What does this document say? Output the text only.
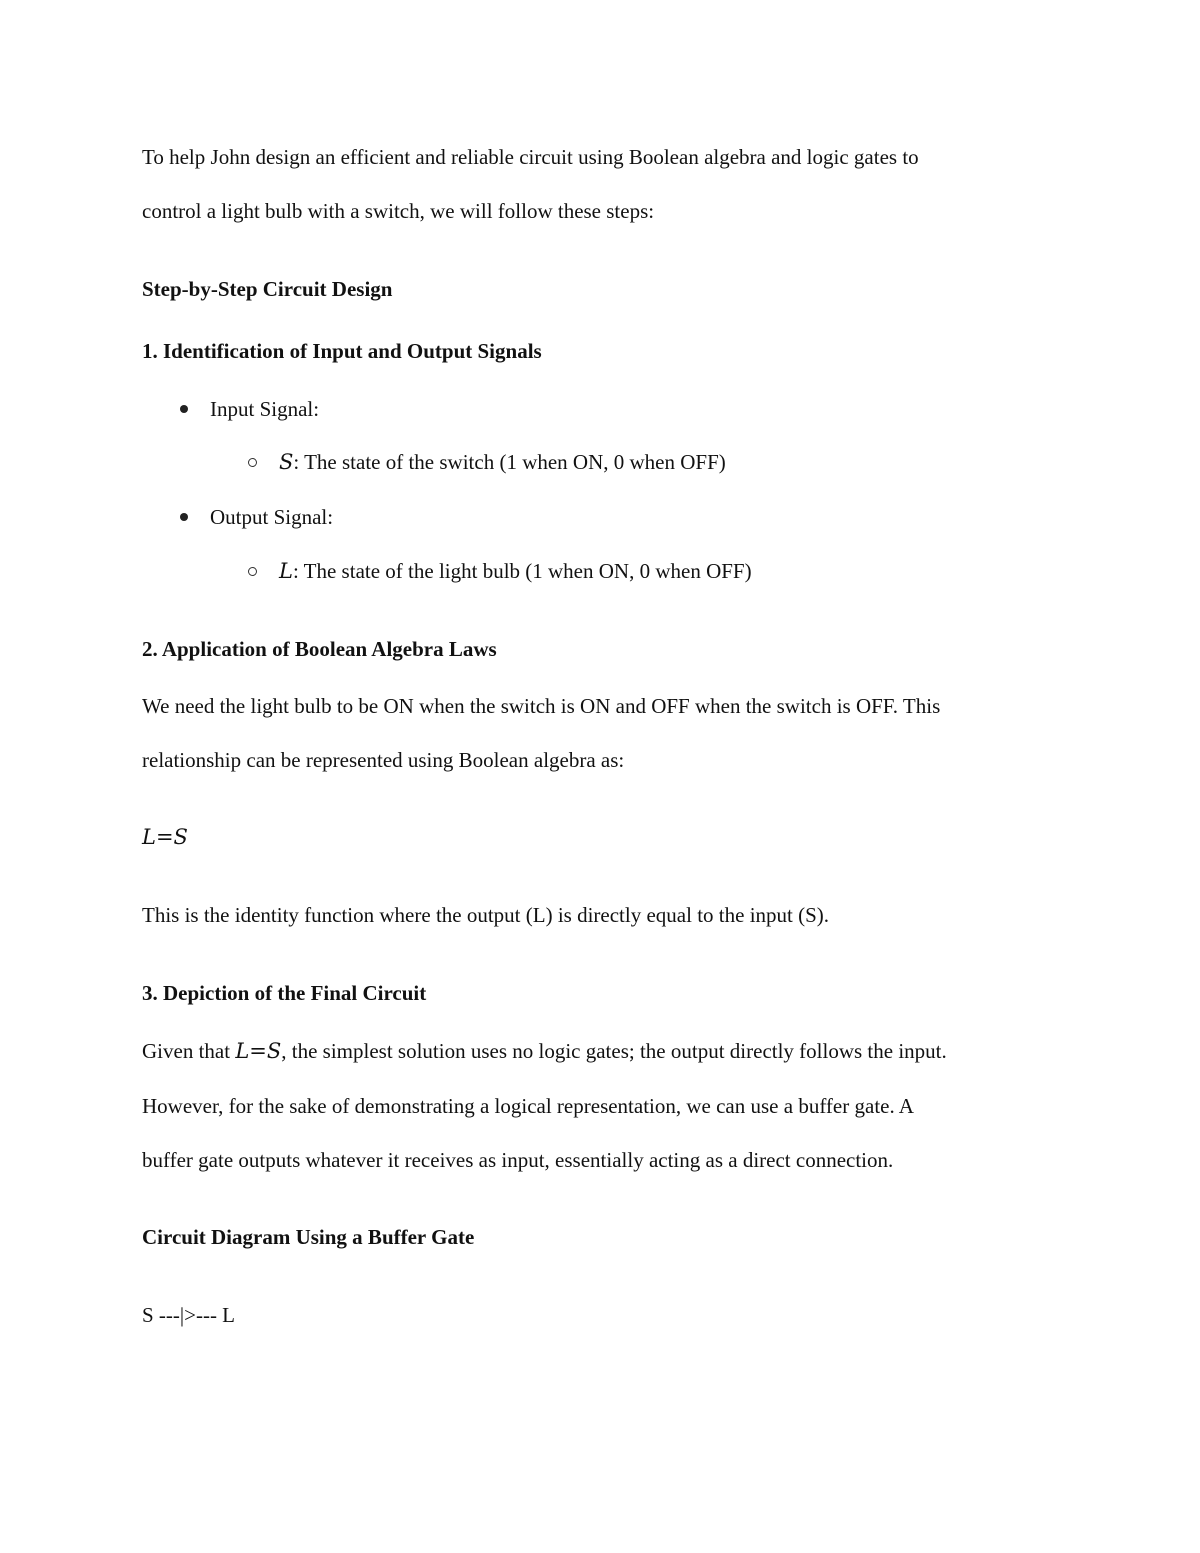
To help John design an efficient and reliable circuit using Boolean algebra and logic gates to
control a light bulb with a switch, we will follow these steps:
Step-by-Step Circuit Design
1. Identification of Input and Output Signals
Input Signal:
S: The state of the switch (1 when ON, 0 when OFF)
Output Signal:
L: The state of the light bulb (1 when ON, 0 when OFF)
2. Application of Boolean Algebra Laws
We need the light bulb to be ON when the switch is ON and OFF when the switch is OFF. This
relationship can be represented using Boolean algebra as:
L=S
This is the identity function where the output (L) is directly equal to the input (S).
3. Depiction of the Final Circuit
Given that L=S, the simplest solution uses no logic gates; the output directly follows the input.
However, for the sake of demonstrating a logical representation, we can use a buffer gate. A
buffer gate outputs whatever it receives as input, essentially acting as a direct connection.
Circuit Diagram Using a Buffer Gate
S ---|>--- L
